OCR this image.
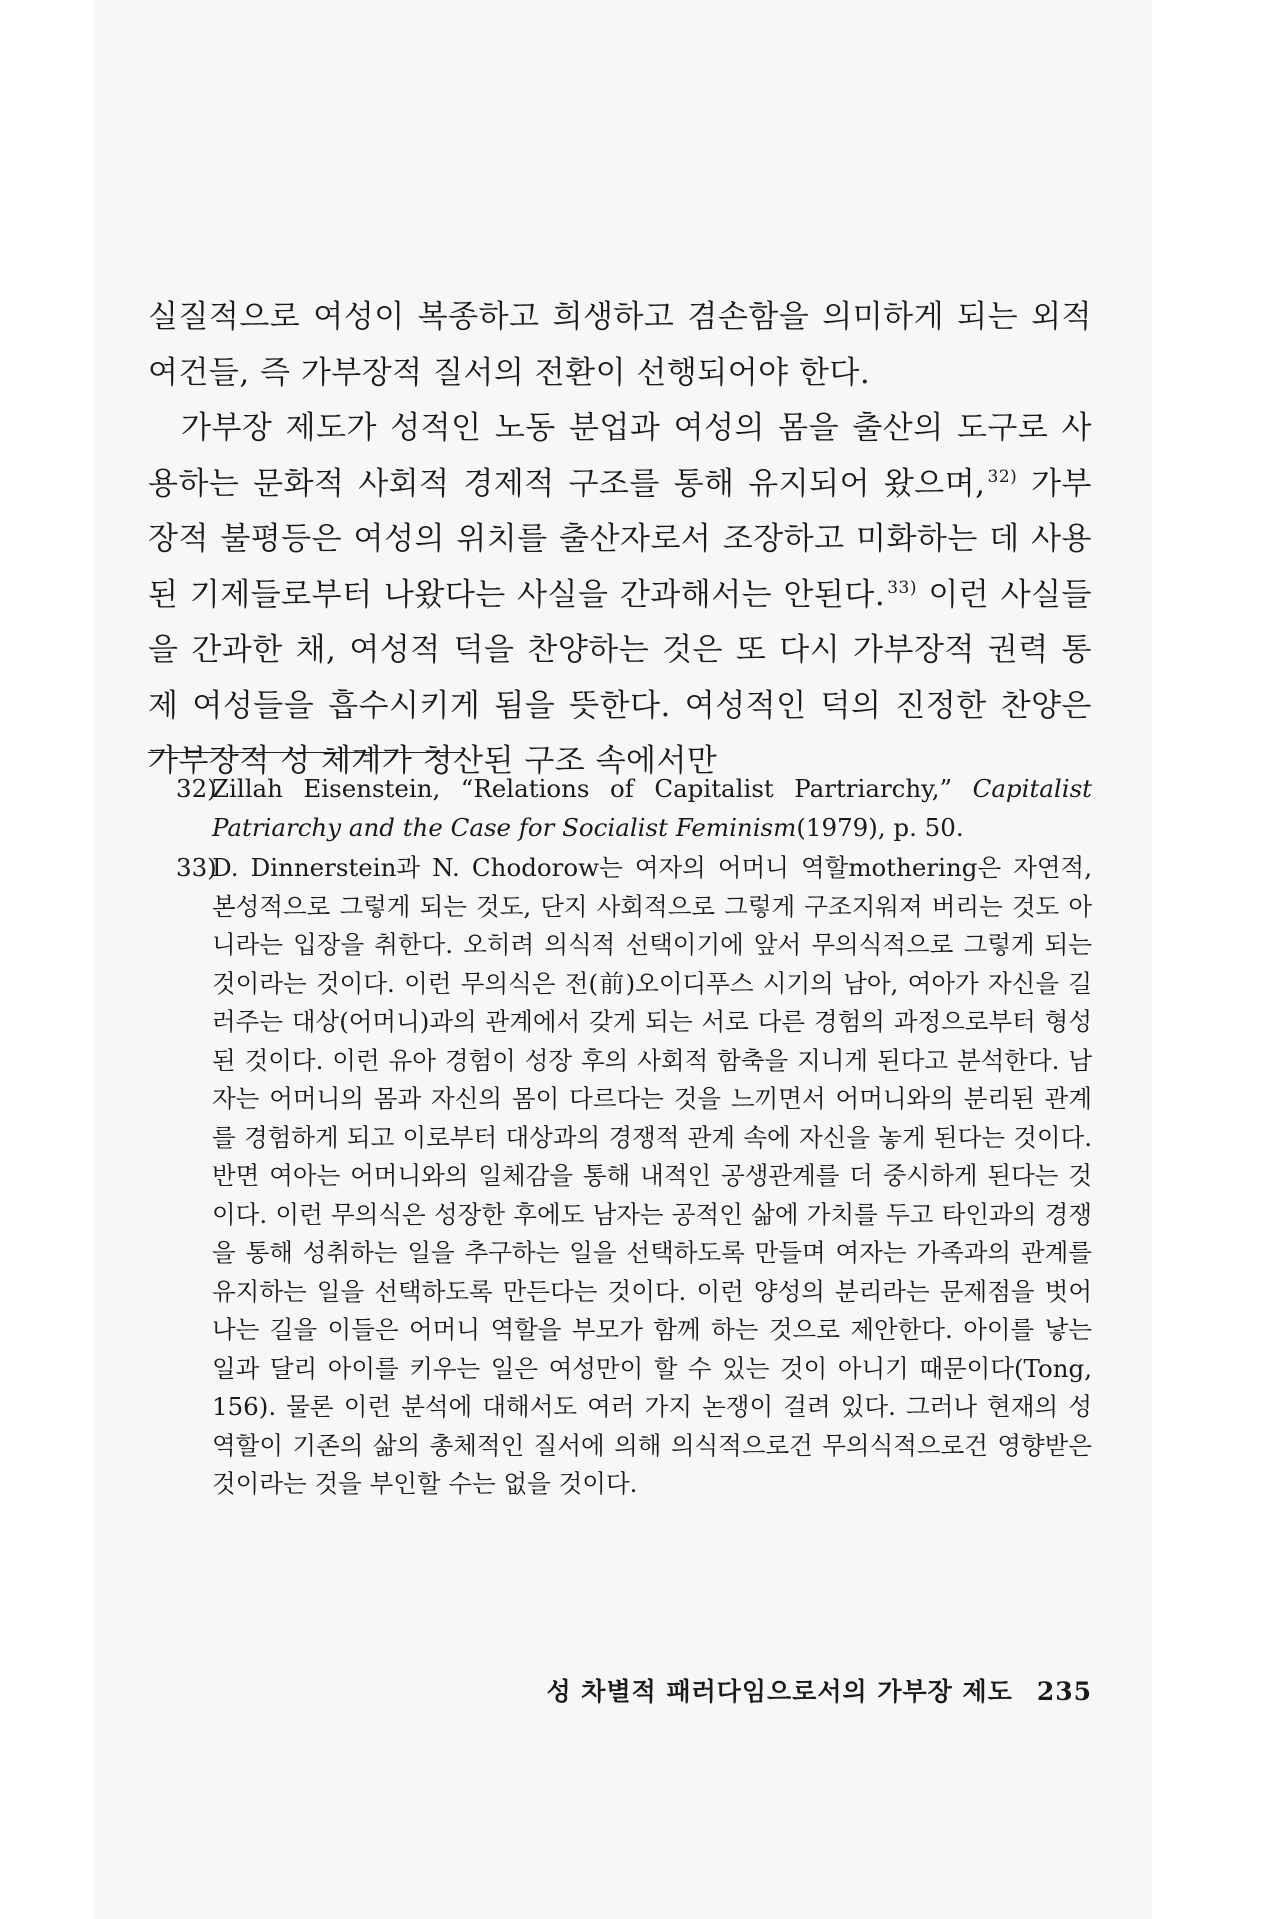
실질적으로 여성이 복종하고 희생하고 겸손함을 의미하게 되는 외적 여건들, 즉 가부장적 질서의 전환이 선행되어야 한다.

가부장 제도가 성적인 노동 분업과 여성의 몸을 출산의 도구로 사용하는 문화적 사회적 경제적 구조를 통해 유지되어 왔으며, $^{32)}$ 가부장적 불평등은 여성의 위치를 출산자로서 조장하고 미화하는 데 사용된 기제들로부터 나왔다는 사실을 간과해서는 안된다. $^{33)}$ 이런 사실들을 간과한 채, 여성적 덕을 찬양하는 것은 또 다시 가부장적 권력 통제 여성들을 흡수시키게 됨을 뜻한다. 여성적인 덕의 진정한 찬양은 가부장적 성 체계가 청산된 구조 속에서만

32)
Zillah Eisenstein, “Relations of Capitalist Partriarchy,” Capitalist Patriarchy and the Case for Socialist Feminism(1979), p. 50.

33)
D. Dinnerstein과 N. Chodorow는 여자의 어머니 역할mothering은 자연적, 본성적으로 그렇게 되는 것도, 단지 사회적으로 그렇게 구조지워져 버리는 것도 아니라는 입장을 취한다. 오히려 의식적 선택이기에 앞서 무의식적으로 그렇게 되는 것이라는 것이다. 이런 무의식은 전(前)오이디푸스 시기의 남아, 여아가 자신을 길러주는 대상(어머니)과의 관계에서 갖게 되는 서로 다른 경험의 과정으로부터 형성된 것이다. 이런 유아 경험이 성장 후의 사회적 함축을 지니게 된다고 분석한다. 남자는 어머니의 몸과 자신의 몸이 다르다는 것을 느끼면서 어머니와의 분리된 관계를 경험하게 되고 이로부터 대상과의 경쟁적 관계 속에 자신을 놓게 된다는 것이다. 반면 여아는 어머니와의 일체감을 통해 내적인 공생관계를 더 중시하게 된다는 것이다. 이런 무의식은 성장한 후에도 남자는 공적인 삶에 가치를 두고 타인과의 경쟁을 통해 성취하는 일을 추구하는 일을 선택하도록 만들며 여자는 가족과의 관계를 유지하는 일을 선택하도록 만든다는 것이다. 이런 양성의 분리라는 문제점을 벗어나는 길을 이들은 어머니 역할을 부모가 함께 하는 것으로 제안한다. 아이를 낳는 일과 달리 아이를 키우는 일은 여성만이 할 수 있는 것이 아니기 때문이다(Tong, 156). 물론 이런 분석에 대해서도 여러 가지 논쟁이 걸려 있다. 그러나 현재의 성 역할이 기존의 삶의 총체적인 질서에 의해 의식적으로건 무의식적으로건 영향받은 것이라는 것을 부인할 수는 없을 것이다.

성 차별적 패러다임으로서의 가부장 제도 235
